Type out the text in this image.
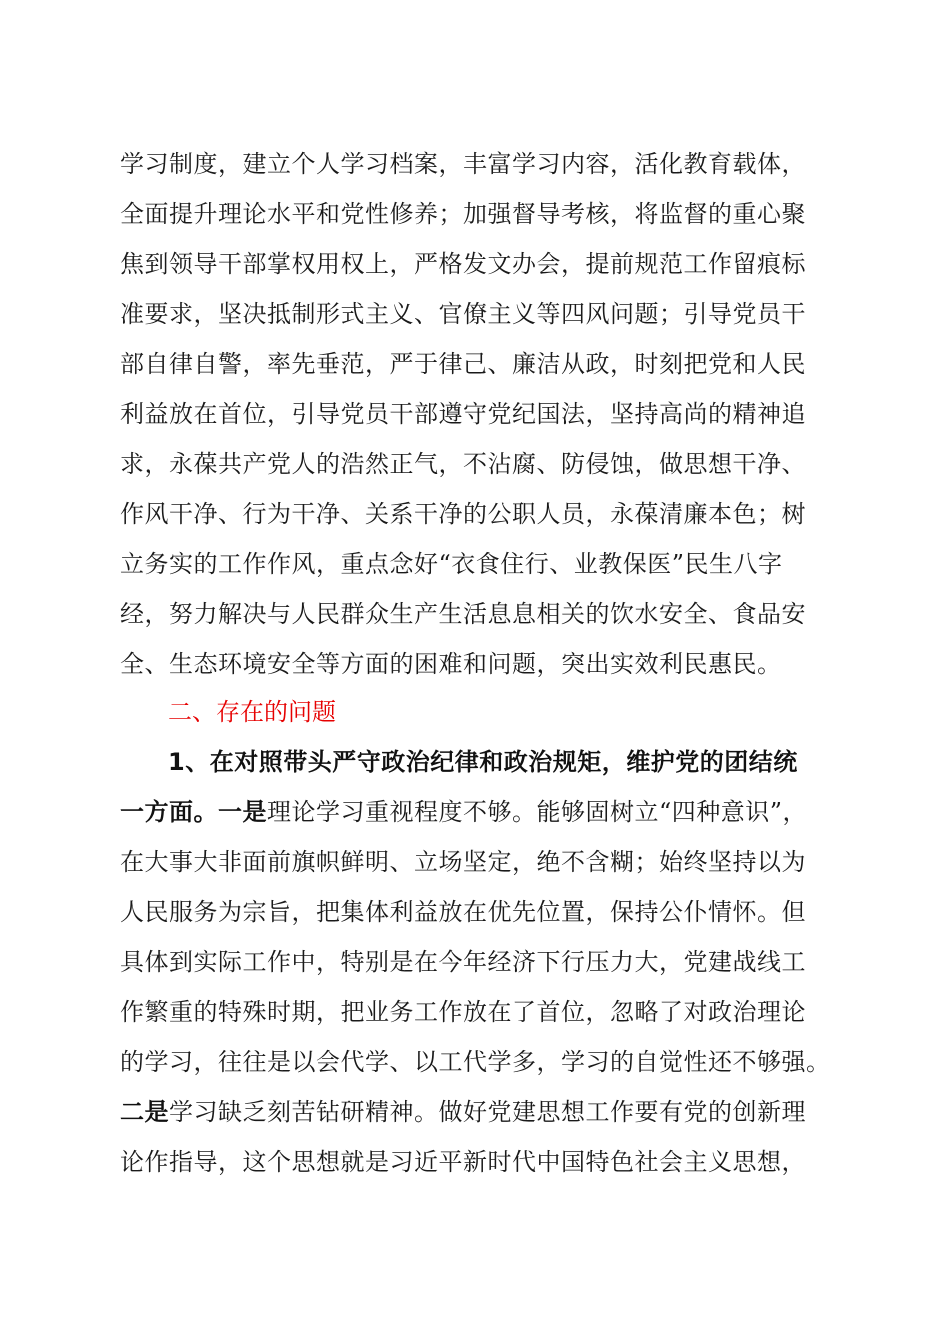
学习制度，建立个人学习档案，丰富学习内容，活化教育载体，
全面提升理论水平和党性修养；加强督导考核，将监督的重心聚
焦到领导干部掌权用权上，严格发文办会，提前规范工作留痕标
准要求，坚决抵制形式主义、官僚主义等四风问题；引导党员干
部自律自警，率先垂范，严于律己、廉洁从政，时刻把党和人民
利益放在首位，引导党员干部遵守党纪国法，坚持高尚的精神追
求，永葆共产党人的浩然正气，不沾腐、防侵蚀，做思想干净、
作风干净、行为干净、关系干净的公职人员，永葆清廉本色；树
立务实的工作作风，重点念好“衣食住行、业教保医”民生八字
经，努力解决与人民群众生产生活息息相关的饮水安全、食品安
全、生态环境安全等方面的困难和问题，突出实效利民惠民。
二、存在的问题
1、在对照带头严守政治纪律和政治规矩，维护党的团结统
一方面。一是理论学习重视程度不够。能够固树立“四种意识”，
在大事大非面前旗帜鲜明、立场坚定，绝不含糊；始终坚持以为
人民服务为宗旨，把集体利益放在优先位置，保持公仆情怀。但
具体到实际工作中，特别是在今年经济下行压力大，党建战线工
作繁重的特殊时期，把业务工作放在了首位，忽略了对政治理论
的学习，往往是以会代学、以工代学多，学习的自觉性还不够强。
二是学习缺乏刻苦钻研精神。做好党建思想工作要有党的创新理
论作指导，这个思想就是习近平新时代中国特色社会主义思想，
